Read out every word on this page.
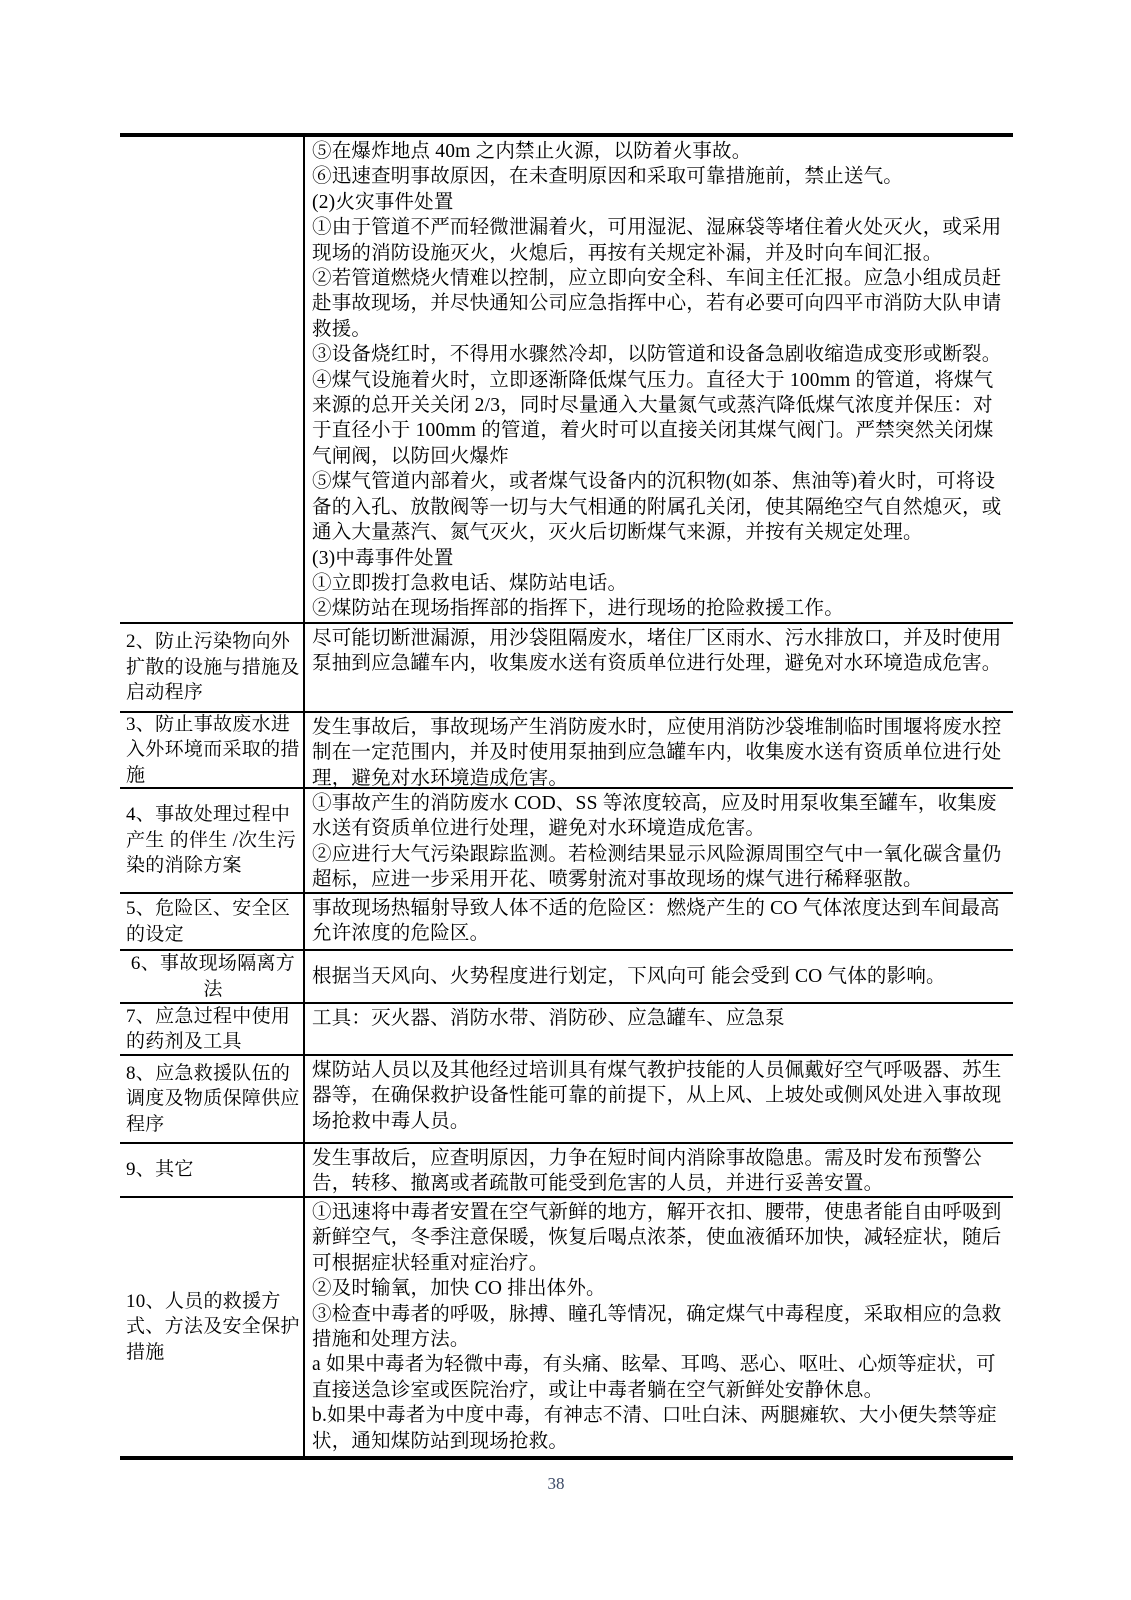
⑤在爆炸地点 40m 之内禁止火源，以防着火事故。
⑥迅速查明事故原因，在未查明原因和采取可靠措施前，禁止送气。
(2)火灾事件处置
①由于管道不严而轻微泄漏着火，可用湿泥、湿麻袋等堵住着火处灭火，或采用现场的消防设施灭火，火熄后，再按有关规定补漏，并及时向车间汇报。
②若管道燃烧火情难以控制，应立即向安全科、车间主任汇报。应急小组成员赶赴事故现场，并尽快通知公司应急指挥中心，若有必要可向四平市消防大队申请救援。
③设备烧红时，不得用水骤然冷却，以防管道和设备急剧收缩造成变形或断裂。
④煤气设施着火时，立即逐渐降低煤气压力。直径大于 100mm 的管道，将煤气来源的总开关关闭 2/3，同时尽量通入大量氮气或蒸汽降低煤气浓度并保压：对于直径小于 100mm 的管道，着火时可以直接关闭其煤气阀门。严禁突然关闭煤气闸阀，以防回火爆炸
⑤煤气管道内部着火，或者煤气设备内的沉积物(如茶、焦油等)着火时，可将设备的入孔、放散阀等一切与大气相通的附属孔关闭，使其隔绝空气自然熄灭，或通入大量蒸汽、氮气灭火，灭火后切断煤气来源，并按有关规定处理。
(3)中毒事件处置
①立即拨打急救电话、煤防站电话。
②煤防站在现场指挥部的指挥下，进行现场的抢险救援工作。
2、防止污染物向外扩散的设施与措施及启动程序
尽可能切断泄漏源，用沙袋阻隔废水，堵住厂区雨水、污水排放口，并及时使用泵抽到应急罐车内，收集废水送有资质单位进行处理，避免对水环境造成危害。
3、防止事故废水进入外环境而采取的措施
发生事故后，事故现场产生消防废水时，应使用消防沙袋堆制临时围堰将废水控制在一定范围内，并及时使用泵抽到应急罐车内，收集废水送有资质单位进行处理，避免对水环境造成危害。
4、事故处理过程中产生 的伴生 /次生污染的消除方案
①事故产生的消防废水 COD、SS 等浓度较高，应及时用泵收集至罐车，收集废水送有资质单位进行处理，避免对水环境造成危害。
②应进行大气污染跟踪监测。若检测结果显示风险源周围空气中一氧化碳含量仍超标，应进一步采用开花、喷雾射流对事故现场的煤气进行稀释驱散。
5、危险区、安全区的设定
事故现场热辐射导致人体不适的危险区：燃烧产生的 CO 气体浓度达到车间最高允许浓度的危险区。
6、事故现场隔离方法
根据当天风向、火势程度进行划定，下风向可 能会受到 CO 气体的影响。
7、应急过程中使用的药剂及工具
工具：灭火器、消防水带、消防砂、应急罐车、应急泵
8、应急救援队伍的调度及物质保障供应程序
煤防站人员以及其他经过培训具有煤气教护技能的人员佩戴好空气呼吸器、苏生器等，在确保救护设备性能可靠的前提下，从上风、上坡处或侧风处进入事故现场抢救中毒人员。
9、其它
发生事故后，应查明原因，力争在短时间内消除事故隐患。需及时发布预警公告，转移、撤离或者疏散可能受到危害的人员，并进行妥善安置。
10、人员的救援方式、方法及安全保护措施
①迅速将中毒者安置在空气新鲜的地方，解开衣扣、腰带，使患者能自由呼吸到新鲜空气，冬季注意保暖，恢复后喝点浓茶，使血液循环加快，减轻症状，随后可根据症状轻重对症治疗。
②及时输氧，加快 CO 排出体外。
③检查中毒者的呼吸，脉搏、瞳孔等情况，确定煤气中毒程度，采取相应的急救措施和处理方法。
a 如果中毒者为轻微中毒，有头痛、眩晕、耳鸣、恶心、呕吐、心烦等症状，可直接送急诊室或医院治疗，或让中毒者躺在空气新鲜处安静休息。
b.如果中毒者为中度中毒，有神志不清、口吐白沫、两腿瘫软、大小便失禁等症状，通知煤防站到现场抢救。
38
